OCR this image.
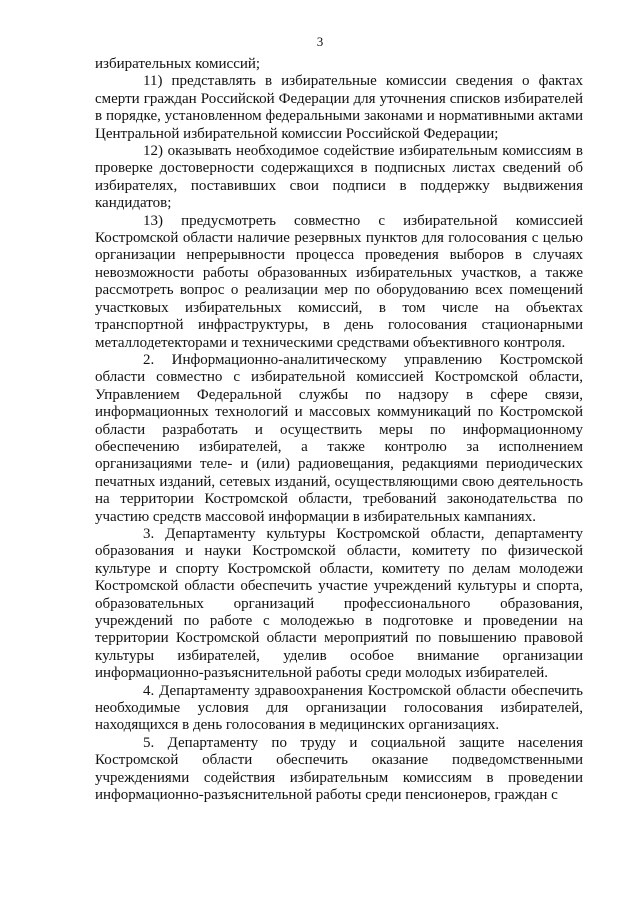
3

избирательных комиссий;

11) представлять в избирательные комиссии сведения о фактах смерти граждан Российской Федерации для уточнения списков избирателей в порядке, установленном федеральными законами и нормативными актами Центральной избирательной комиссии Российской Федерации;

12) оказывать необходимое содействие избирательным комиссиям в проверке достоверности содержащихся в подписных листах сведений об избирателях, поставивших свои подписи в поддержку выдвижения кандидатов;

13) предусмотреть совместно с избирательной комиссией Костромской области наличие резервных пунктов для голосования с целью организации непрерывности процесса проведения выборов в случаях невозможности работы образованных избирательных участков, а также рассмотреть вопрос о реализации мер по оборудованию всех помещений участковых избирательных комиссий, в том числе на объектах транспортной инфраструктуры, в день голосования стационарными металлодетекторами и техническими средствами объективного контроля.

2. Информационно-аналитическому управлению Костромской области совместно с избирательной комиссией Костромской области, Управлением Федеральной службы по надзору в сфере связи, информационных технологий и массовых коммуникаций по Костромской области разработать и осуществить меры по информационному обеспечению избирателей, а также контролю за исполнением организациями теле- и (или) радиовещания, редакциями периодических печатных изданий, сетевых изданий, осуществляющими свою деятельность на территории Костромской области, требований законодательства по участию средств массовой информации в избирательных кампаниях.

3. Департаменту культуры Костромской области, департаменту образования и науки Костромской области, комитету по физической культуре и спорту Костромской области, комитету по делам молодежи Костромской области обеспечить участие учреждений культуры и спорта, образовательных организаций профессионального образования, учреждений по работе с молодежью в подготовке и проведении на территории Костромской области мероприятий по повышению правовой культуры избирателей, уделив особое внимание организации информационно-разъяснительной работы среди молодых избирателей.

4. Департаменту здравоохранения Костромской области обеспечить необходимые условия для организации голосования избирателей, находящихся в день голосования в медицинских организациях.

5. Департаменту по труду и социальной защите населения Костромской области обеспечить оказание подведомственными учреждениями содействия избирательным комиссиям в проведении информационно-разъяснительной работы среди пенсионеров, граждан с
